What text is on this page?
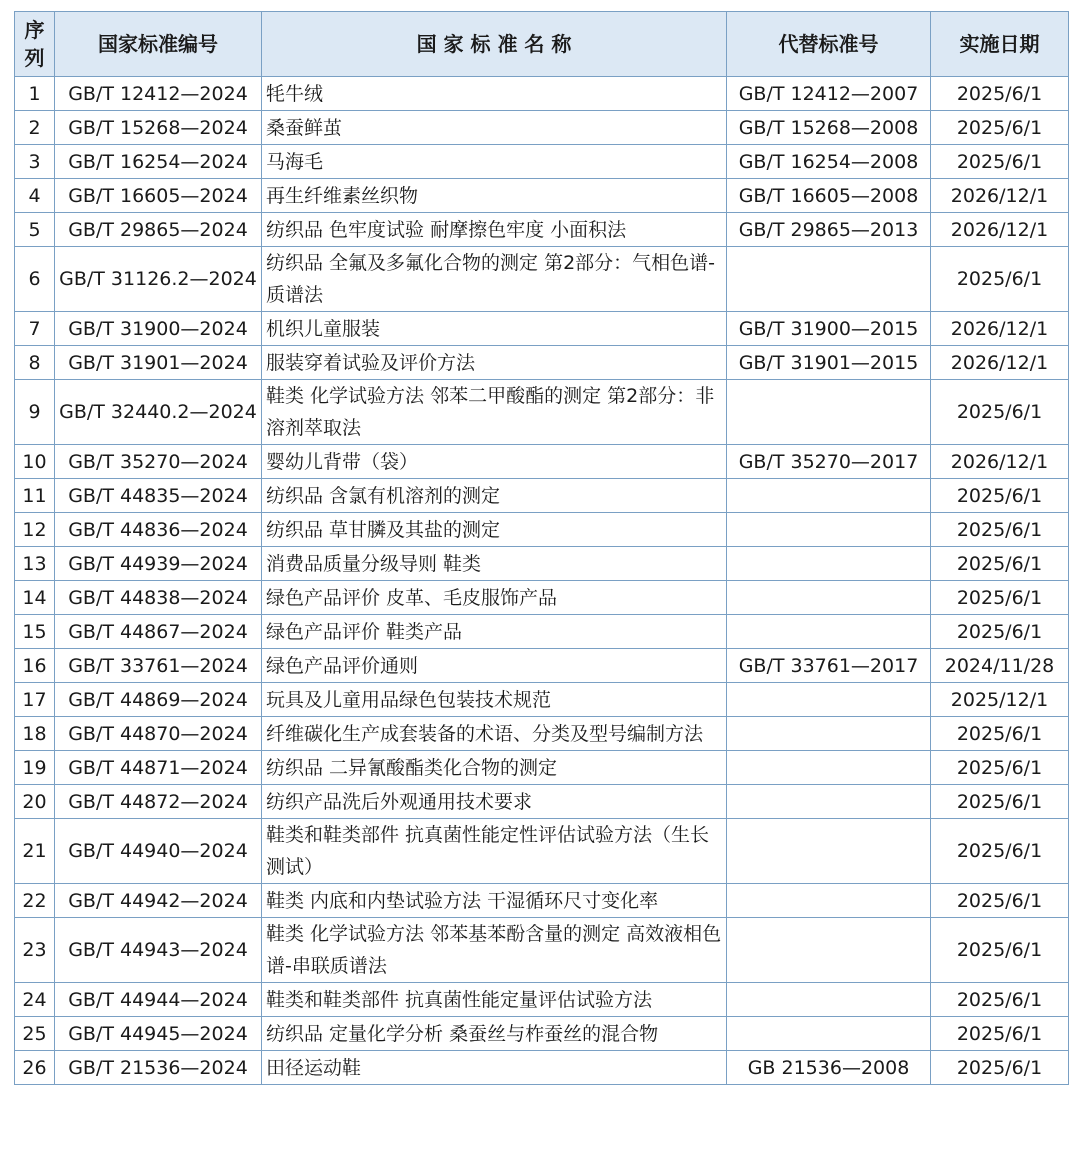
序列	国家标准编号	国 家 标 准 名 称	代替标准号	实施日期
1	GB/T 12412—2024	牦牛绒	GB/T 12412—2007	2025/6/1
2	GB/T 15268—2024	桑蚕鲜茧	GB/T 15268—2008	2025/6/1
3	GB/T 16254—2024	马海毛	GB/T 16254—2008	2025/6/1
4	GB/T 16605—2024	再生纤维素丝织物	GB/T 16605—2008	2026/12/1
5	GB/T 29865—2024	纺织品 色牢度试验 耐摩擦色牢度 小面积法	GB/T 29865—2013	2026/12/1
6	GB/T 31126.2—2024	纺织品 全氟及多氟化合物的测定 第2部分：气相色谱-质谱法		2025/6/1
7	GB/T 31900—2024	机织儿童服装	GB/T 31900—2015	2026/12/1
8	GB/T 31901—2024	服装穿着试验及评价方法	GB/T 31901—2015	2026/12/1
9	GB/T 32440.2—2024	鞋类 化学试验方法 邻苯二甲酸酯的测定 第2部分：非溶剂萃取法		2025/6/1
10	GB/T 35270—2024	婴幼儿背带（袋）	GB/T 35270—2017	2026/12/1
11	GB/T 44835—2024	纺织品 含氯有机溶剂的测定		2025/6/1
12	GB/T 44836—2024	纺织品 草甘膦及其盐的测定		2025/6/1
13	GB/T 44939—2024	消费品质量分级导则 鞋类		2025/6/1
14	GB/T 44838—2024	绿色产品评价 皮革、毛皮服饰产品		2025/6/1
15	GB/T 44867—2024	绿色产品评价 鞋类产品		2025/6/1
16	GB/T 33761—2024	绿色产品评价通则	GB/T 33761—2017	2024/11/28
17	GB/T 44869—2024	玩具及儿童用品绿色包装技术规范		2025/12/1
18	GB/T 44870—2024	纤维碳化生产成套装备的术语、分类及型号编制方法		2025/6/1
19	GB/T 44871—2024	纺织品 二异氰酸酯类化合物的测定		2025/6/1
20	GB/T 44872—2024	纺织产品洗后外观通用技术要求		2025/6/1
21	GB/T 44940—2024	鞋类和鞋类部件 抗真菌性能定性评估试验方法（生长测试）		2025/6/1
22	GB/T 44942—2024	鞋类 内底和内垫试验方法 干湿循环尺寸变化率		2025/6/1
23	GB/T 44943—2024	鞋类 化学试验方法 邻苯基苯酚含量的测定 高效液相色谱-串联质谱法		2025/6/1
24	GB/T 44944—2024	鞋类和鞋类部件 抗真菌性能定量评估试验方法		2025/6/1
25	GB/T 44945—2024	纺织品 定量化学分析 桑蚕丝与柞蚕丝的混合物		2025/6/1
26	GB/T 21536—2024	田径运动鞋	GB 21536—2008	2025/6/1
